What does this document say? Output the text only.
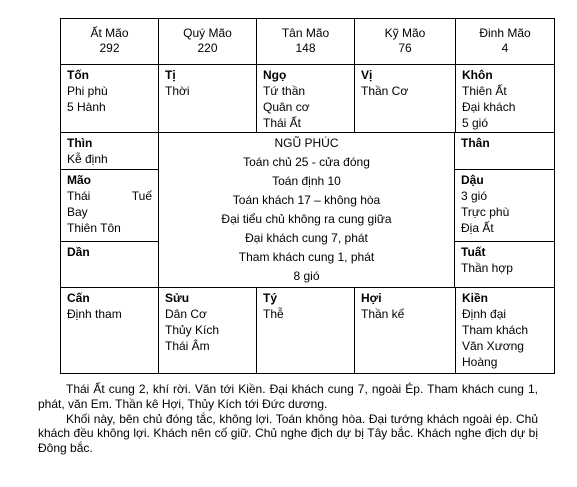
Ất Mão
292
Quý Mão
220
Tân Mão
148
Kỹ Mão
76
Đinh Mão
4
Tốn
Phi phù
5 Hành
Tị
Thời
Ngọ
Tứ thần
Quân cơ
Thái Ất
Vị
Thần Cơ
Khôn
Thiên Ất
Đại khách
5 gió
Thìn
Kễ định
Mão
Thái	Tuế
Bay
Thiên Tôn
Dần
NGŨ PHÚC
Toán chủ 25 - cửa đóng
Toán định 10
Toán khách 17 – không hòa
Đại tiểu chủ không ra cung giữa
Đại khách cung 7, phát
Tham khách cung 1, phát
8 gió
Thân
Dậu
3 gió
Trực phù
Địa Ất
Tuất
Thần hợp
Cấn
Định tham
Sửu
Dân Cơ
Thủy Kích
Thái Âm
Tý
Thễ
Hợi
Thần kế
Kiền
Định đại
Tham khách
Văn Xương
Hoàng

Thái Ất cung 2, khí rời. Văn tới Kiền. Đại khách cung 7, ngoài Ép. Tham khách cung 1, phát, văn Em. Thần kê Hợi, Thủy Kích tới Đức dương.

Khối này, bên chủ đóng tắc, không lợi. Toán không hòa. Đại tướng khách ngoài ép. Chủ khách đều không lợi. Khách nên cố giữ. Chủ nghe địch dự bị Tây bắc. Khách nghe địch dự bị Đông bắc.
